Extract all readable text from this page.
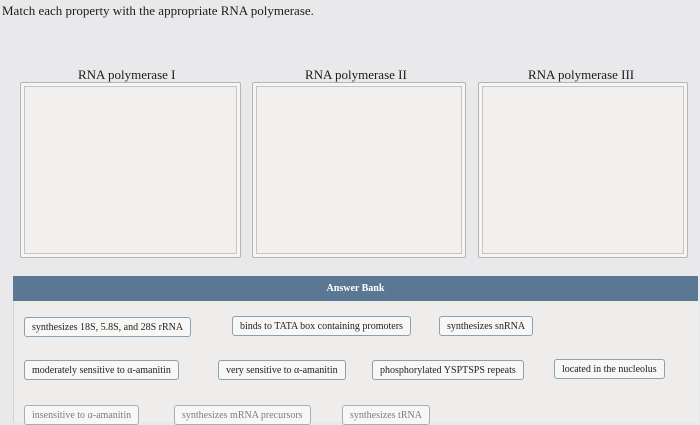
Match each property with the appropriate RNA polymerase.
RNA polymerase I	RNA polymerase II	RNA polymerase III
Answer Bank
synthesizes 18S, 5.8S, and 28S rRNA	binds to TATA box containing promoters	synthesizes snRNA
moderately sensitive to α-amanitin	very sensitive to α-amanitin	phosphorylated YSPTSPS repeats	located in the nucleolus
insensitive to α-amanitin	synthesizes mRNA precursors	synthesizes tRNA
